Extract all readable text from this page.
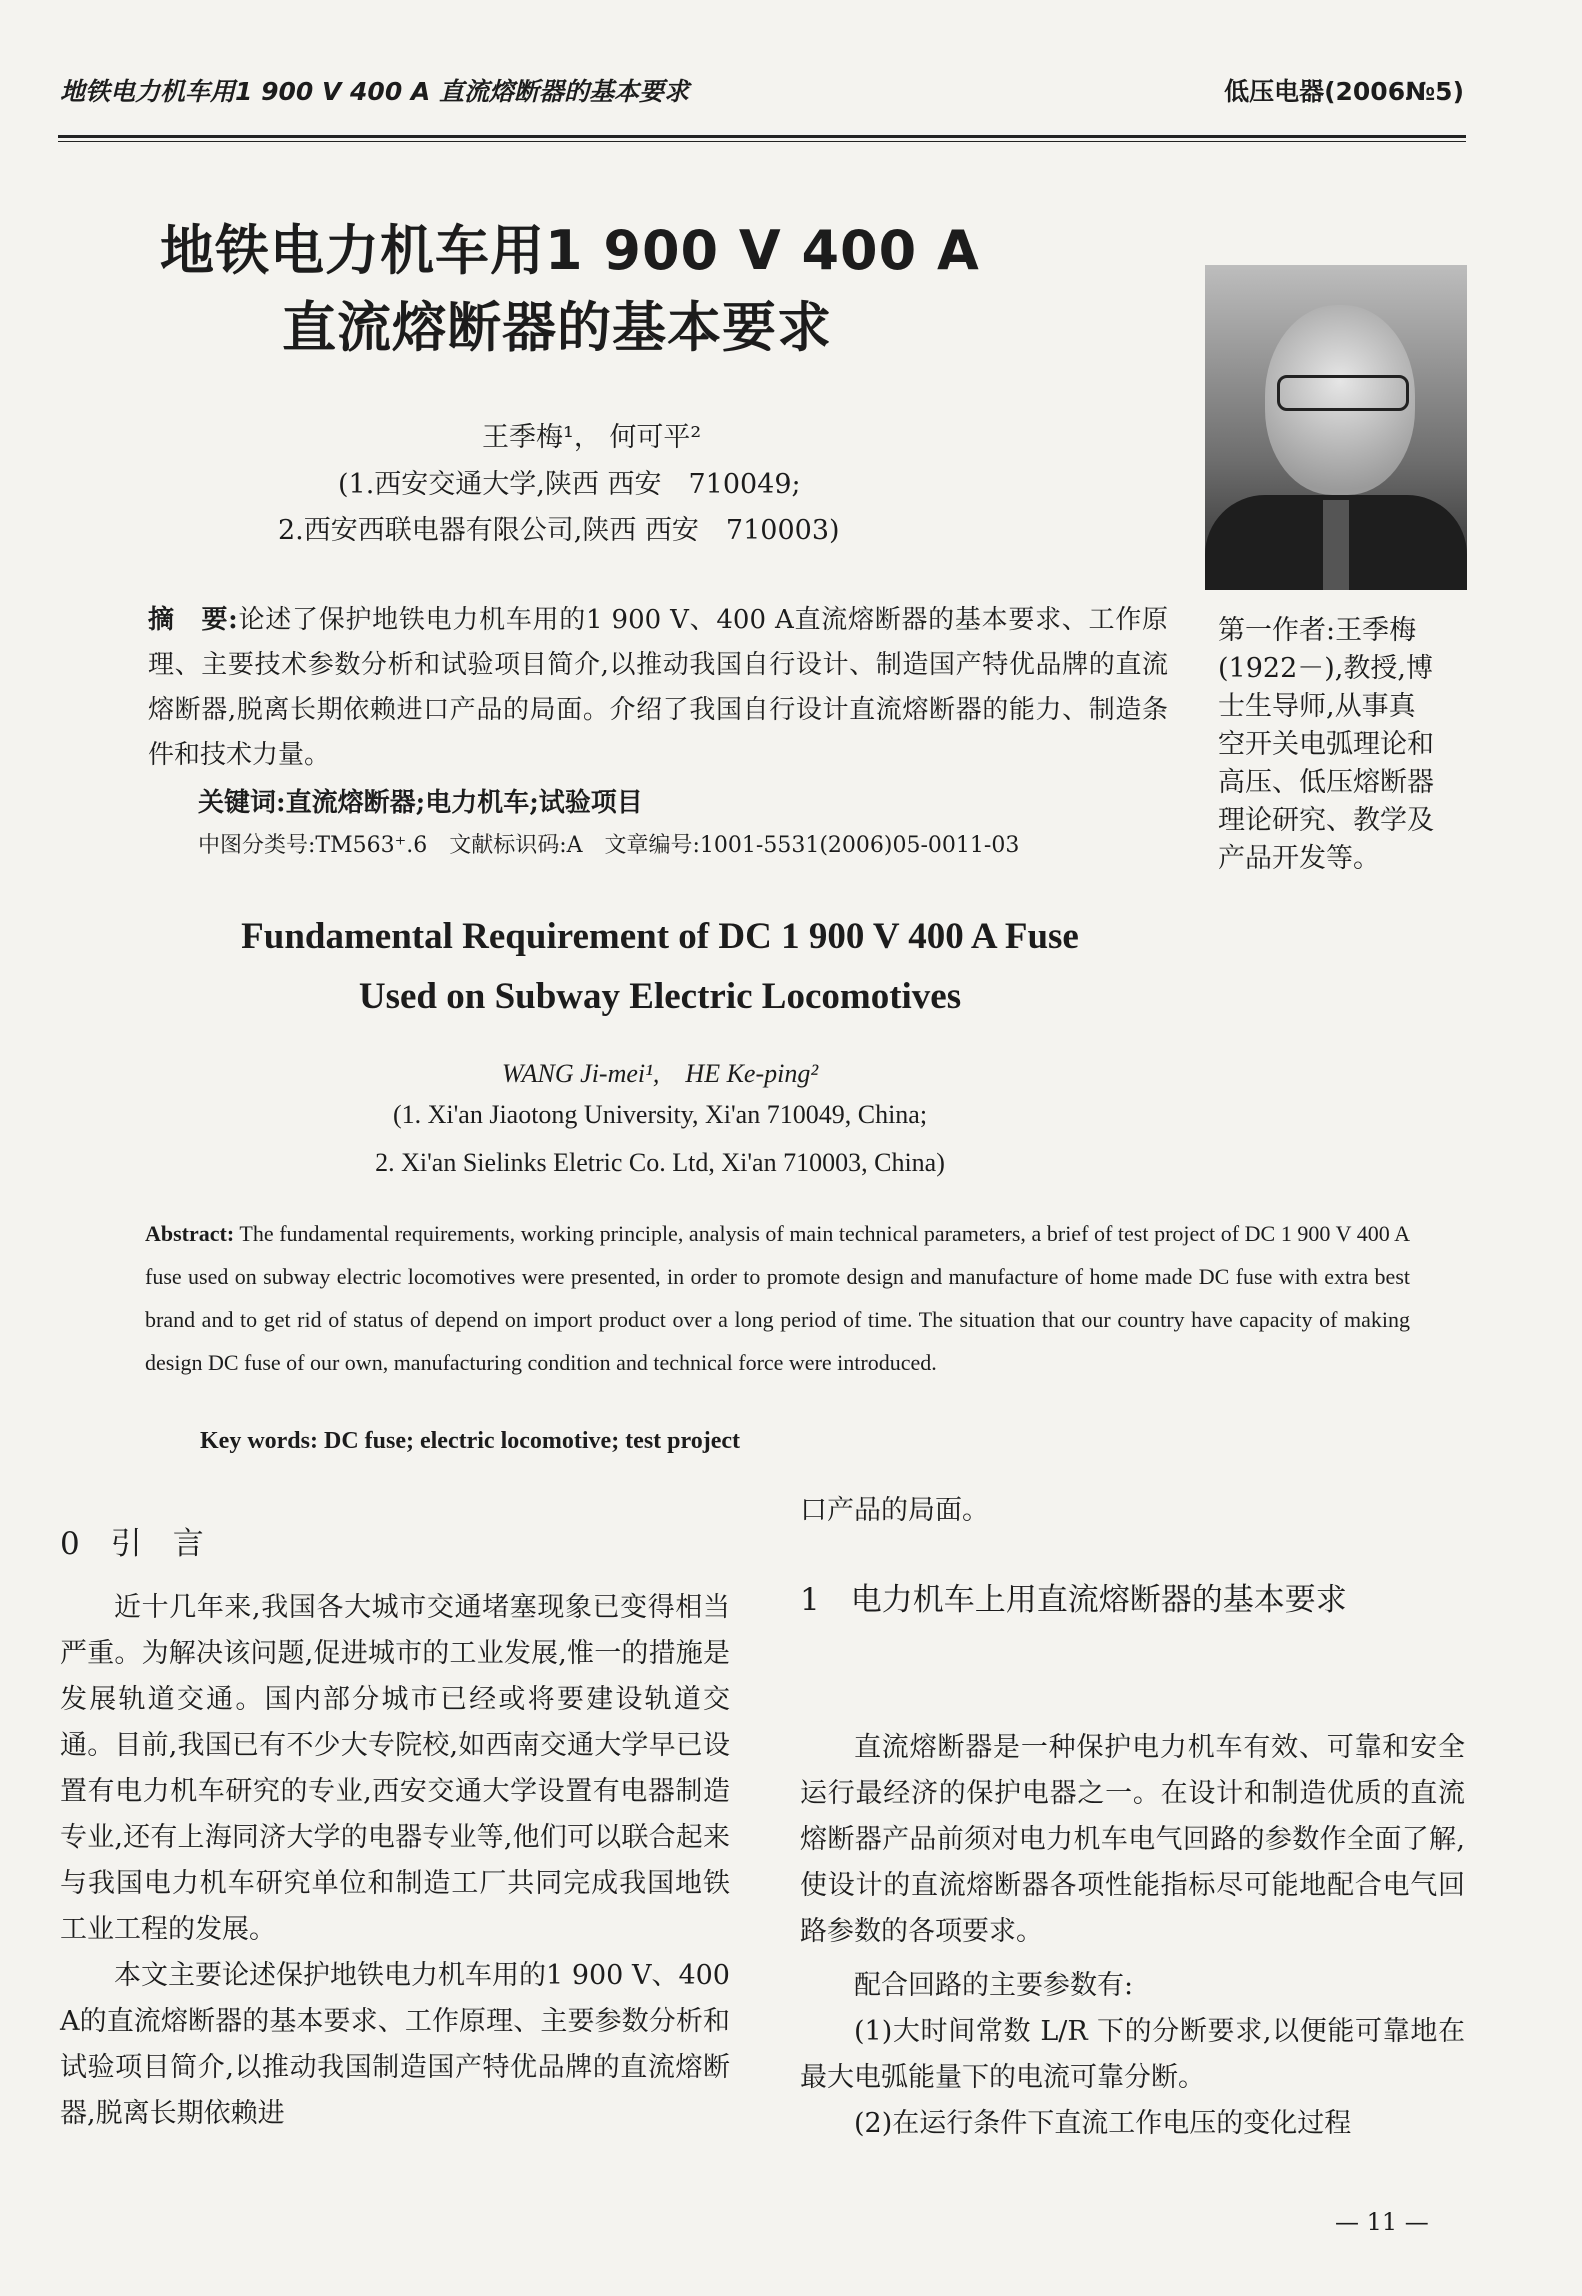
地铁电力机车用1 900 V 400 A 直流熔断器的基本要求	低压电器(2006№5)
地铁电力机车用1 900 V 400 A
直流熔断器的基本要求
王季梅¹， 何可平²
(1.西安交通大学,陕西 西安　710049;
2.西安西联电器有限公司,陕西 西安　710003)
第一作者:王季梅
(1922－),教授,博
士生导师,从事真
空开关电弧理论和
高压、低压熔断器
理论研究、教学及
产品开发等。
摘　要:论述了保护地铁电力机车用的1 900 V、400 A直流熔断器的基本要求、工作原理、主要技术参数分析和试验项目简介,以推动我国自行设计、制造国产特优品牌的直流熔断器,脱离长期依赖进口产品的局面。介绍了我国自行设计直流熔断器的能力、制造条件和技术力量。
关键词:直流熔断器;电力机车;试验项目
中图分类号:TM563⁺.6　文献标识码:A　文章编号:1001-5531(2006)05-0011-03
Fundamental Requirement of DC 1 900 V 400 A Fuse
Used on Subway Electric Locomotives
WANG Ji-mei¹,　HE Ke-ping²
(1. Xi'an Jiaotong University, Xi'an 710049, China;
2. Xi'an Sielinks Eletric Co. Ltd, Xi'an 710003, China)
Abstract: The fundamental requirements, working principle, analysis of main technical parameters, a brief of test project of DC 1 900 V 400 A fuse used on subway electric locomotives were presented, in order to promote design and manufacture of home made DC fuse with extra best brand and to get rid of status of depend on import product over a long period of time. The situation that our country have capacity of making design DC fuse of our own, manufacturing condition and technical force were introduced.
Key words: DC fuse; electric locomotive; test project
0　引　言

近十几年来,我国各大城市交通堵塞现象已变得相当严重。为解决该问题,促进城市的工业发展,惟一的措施是发展轨道交通。国内部分城市已经或将要建设轨道交通。目前,我国已有不少大专院校,如西南交通大学早已设置有电力机车研究的专业,西安交通大学设置有电器制造专业,还有上海同济大学的电器专业等,他们可以联合起来与我国电力机车研究单位和制造工厂共同完成我国地铁工业工程的发展。

本文主要论述保护地铁电力机车用的1 900 V、400 A的直流熔断器的基本要求、工作原理、主要参数分析和试验项目简介,以推动我国制造国产特优品牌的直流熔断器,脱离长期依赖进

口产品的局面。
1　电力机车上用直流熔断器的基本要求

直流熔断器是一种保护电力机车有效、可靠和安全运行最经济的保护电器之一。在设计和制造优质的直流熔断器产品前须对电力机车电气回路的参数作全面了解,使设计的直流熔断器各项性能指标尽可能地配合电气回路参数的各项要求。

配合回路的主要参数有:

(1)大时间常数 L/R 下的分断要求,以便能可靠地在最大电弧能量下的电流可靠分断。

(2)在运行条件下直流工作电压的变化过程

— 11 —
